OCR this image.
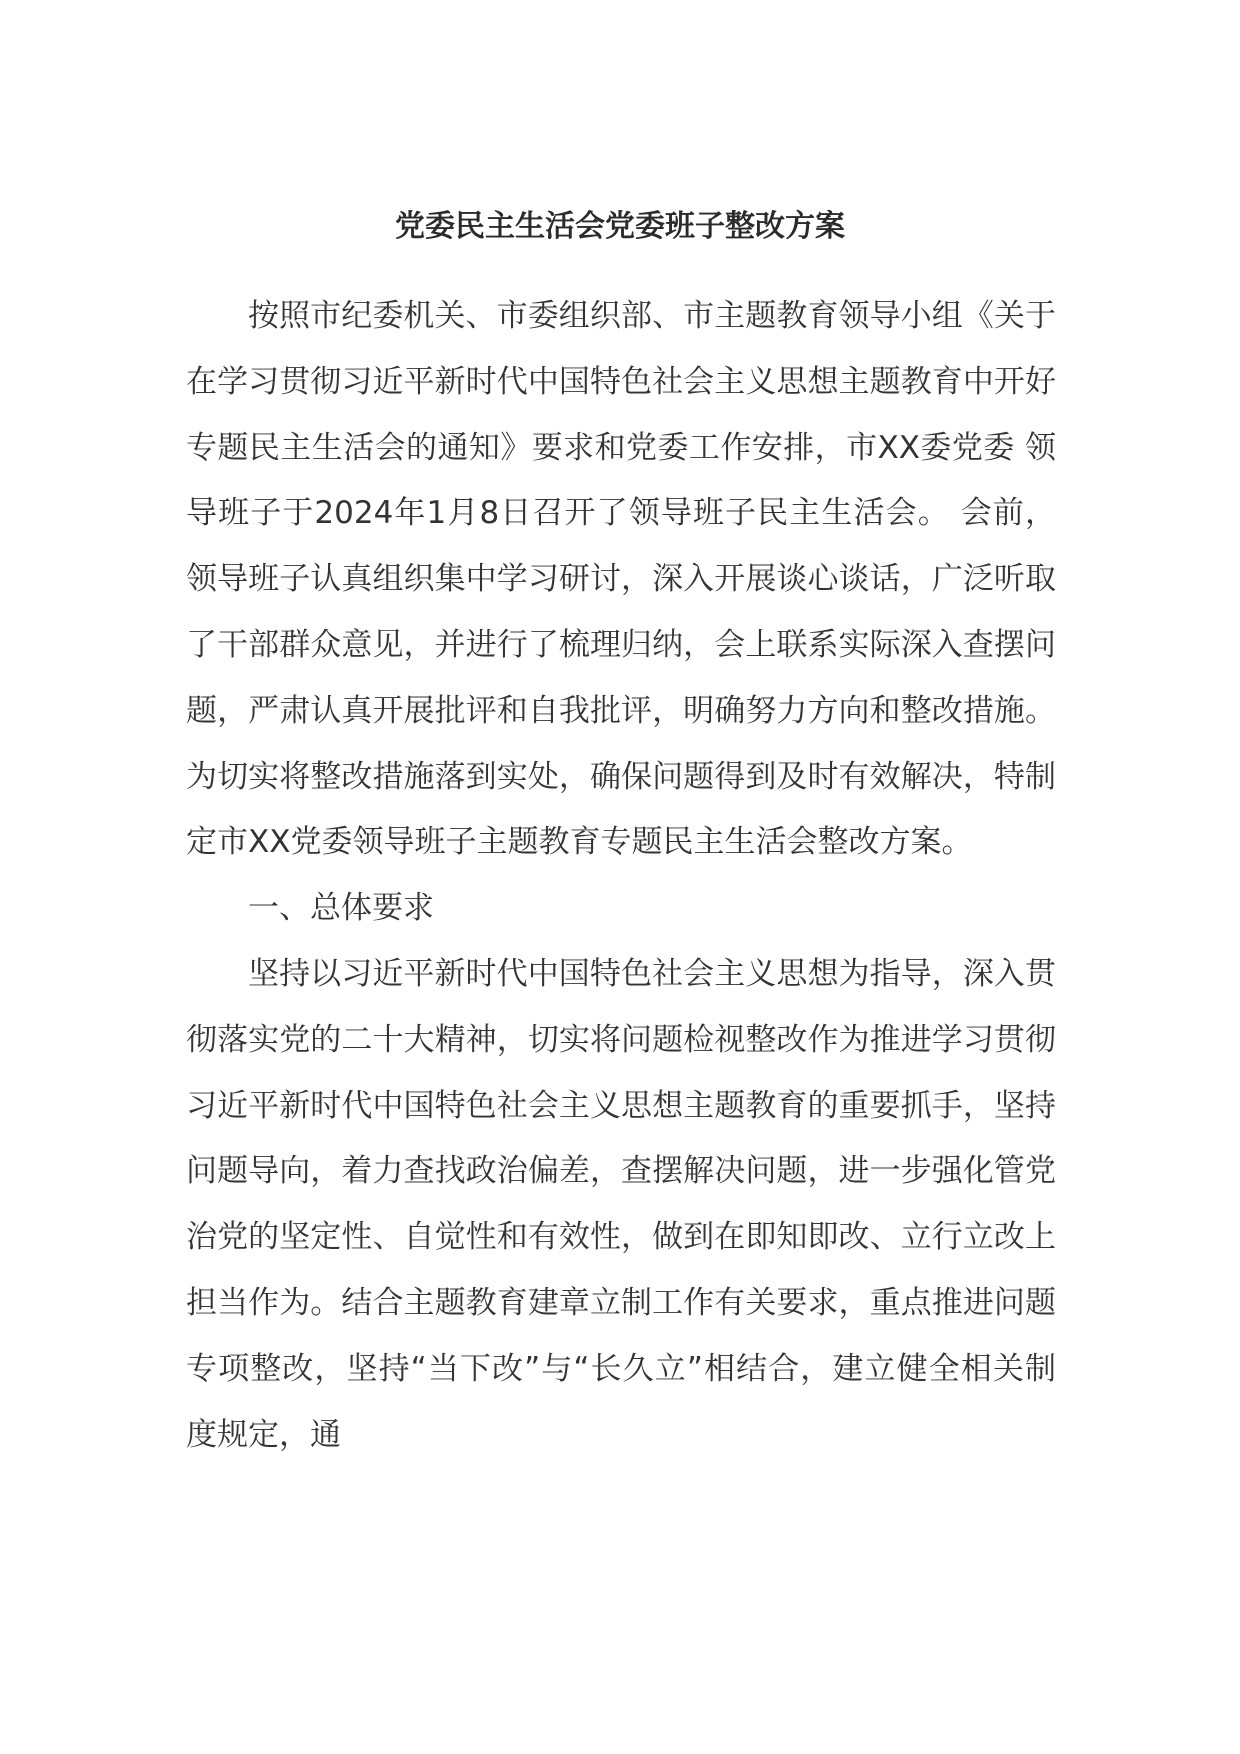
党委民主生活会党委班子整改方案

按照市纪委机关、市委组织部、市主题教育领导小组《关于在学习贯彻习近平新时代中国特色社会主义思想主题教育中开好专题民主生活会的通知》要求和党委工作安排，市XX委党委 领导班子于2024年1月8日召开了领导班子民主生活会。 会前，领导班子认真组织集中学习研讨，深入开展谈心谈话，广泛听取了干部群众意见，并进行了梳理归纳，会上联系实际深入查摆问题，严肃认真开展批评和自我批评，明确努力方向和整改措施。为切实将整改措施落到实处，确保问题得到及时有效解决，特制定市XX党委领导班子主题教育专题民主生活会整改方案。

一、总体要求

坚持以习近平新时代中国特色社会主义思想为指导，深入贯彻落实党的二十大精神，切实将问题检视整改作为推进学习贯彻习近平新时代中国特色社会主义思想主题教育的重要抓手，坚持问题导向，着力查找政治偏差，查摆解决问题，进一步强化管党治党的坚定性、自觉性和有效性，做到在即知即改、立行立改上担当作为。结合主题教育建章立制工作有关要求，重点推进问题专项整改，坚持“当下改”与“长久立”相结合，建立健全相关制度规定，通
